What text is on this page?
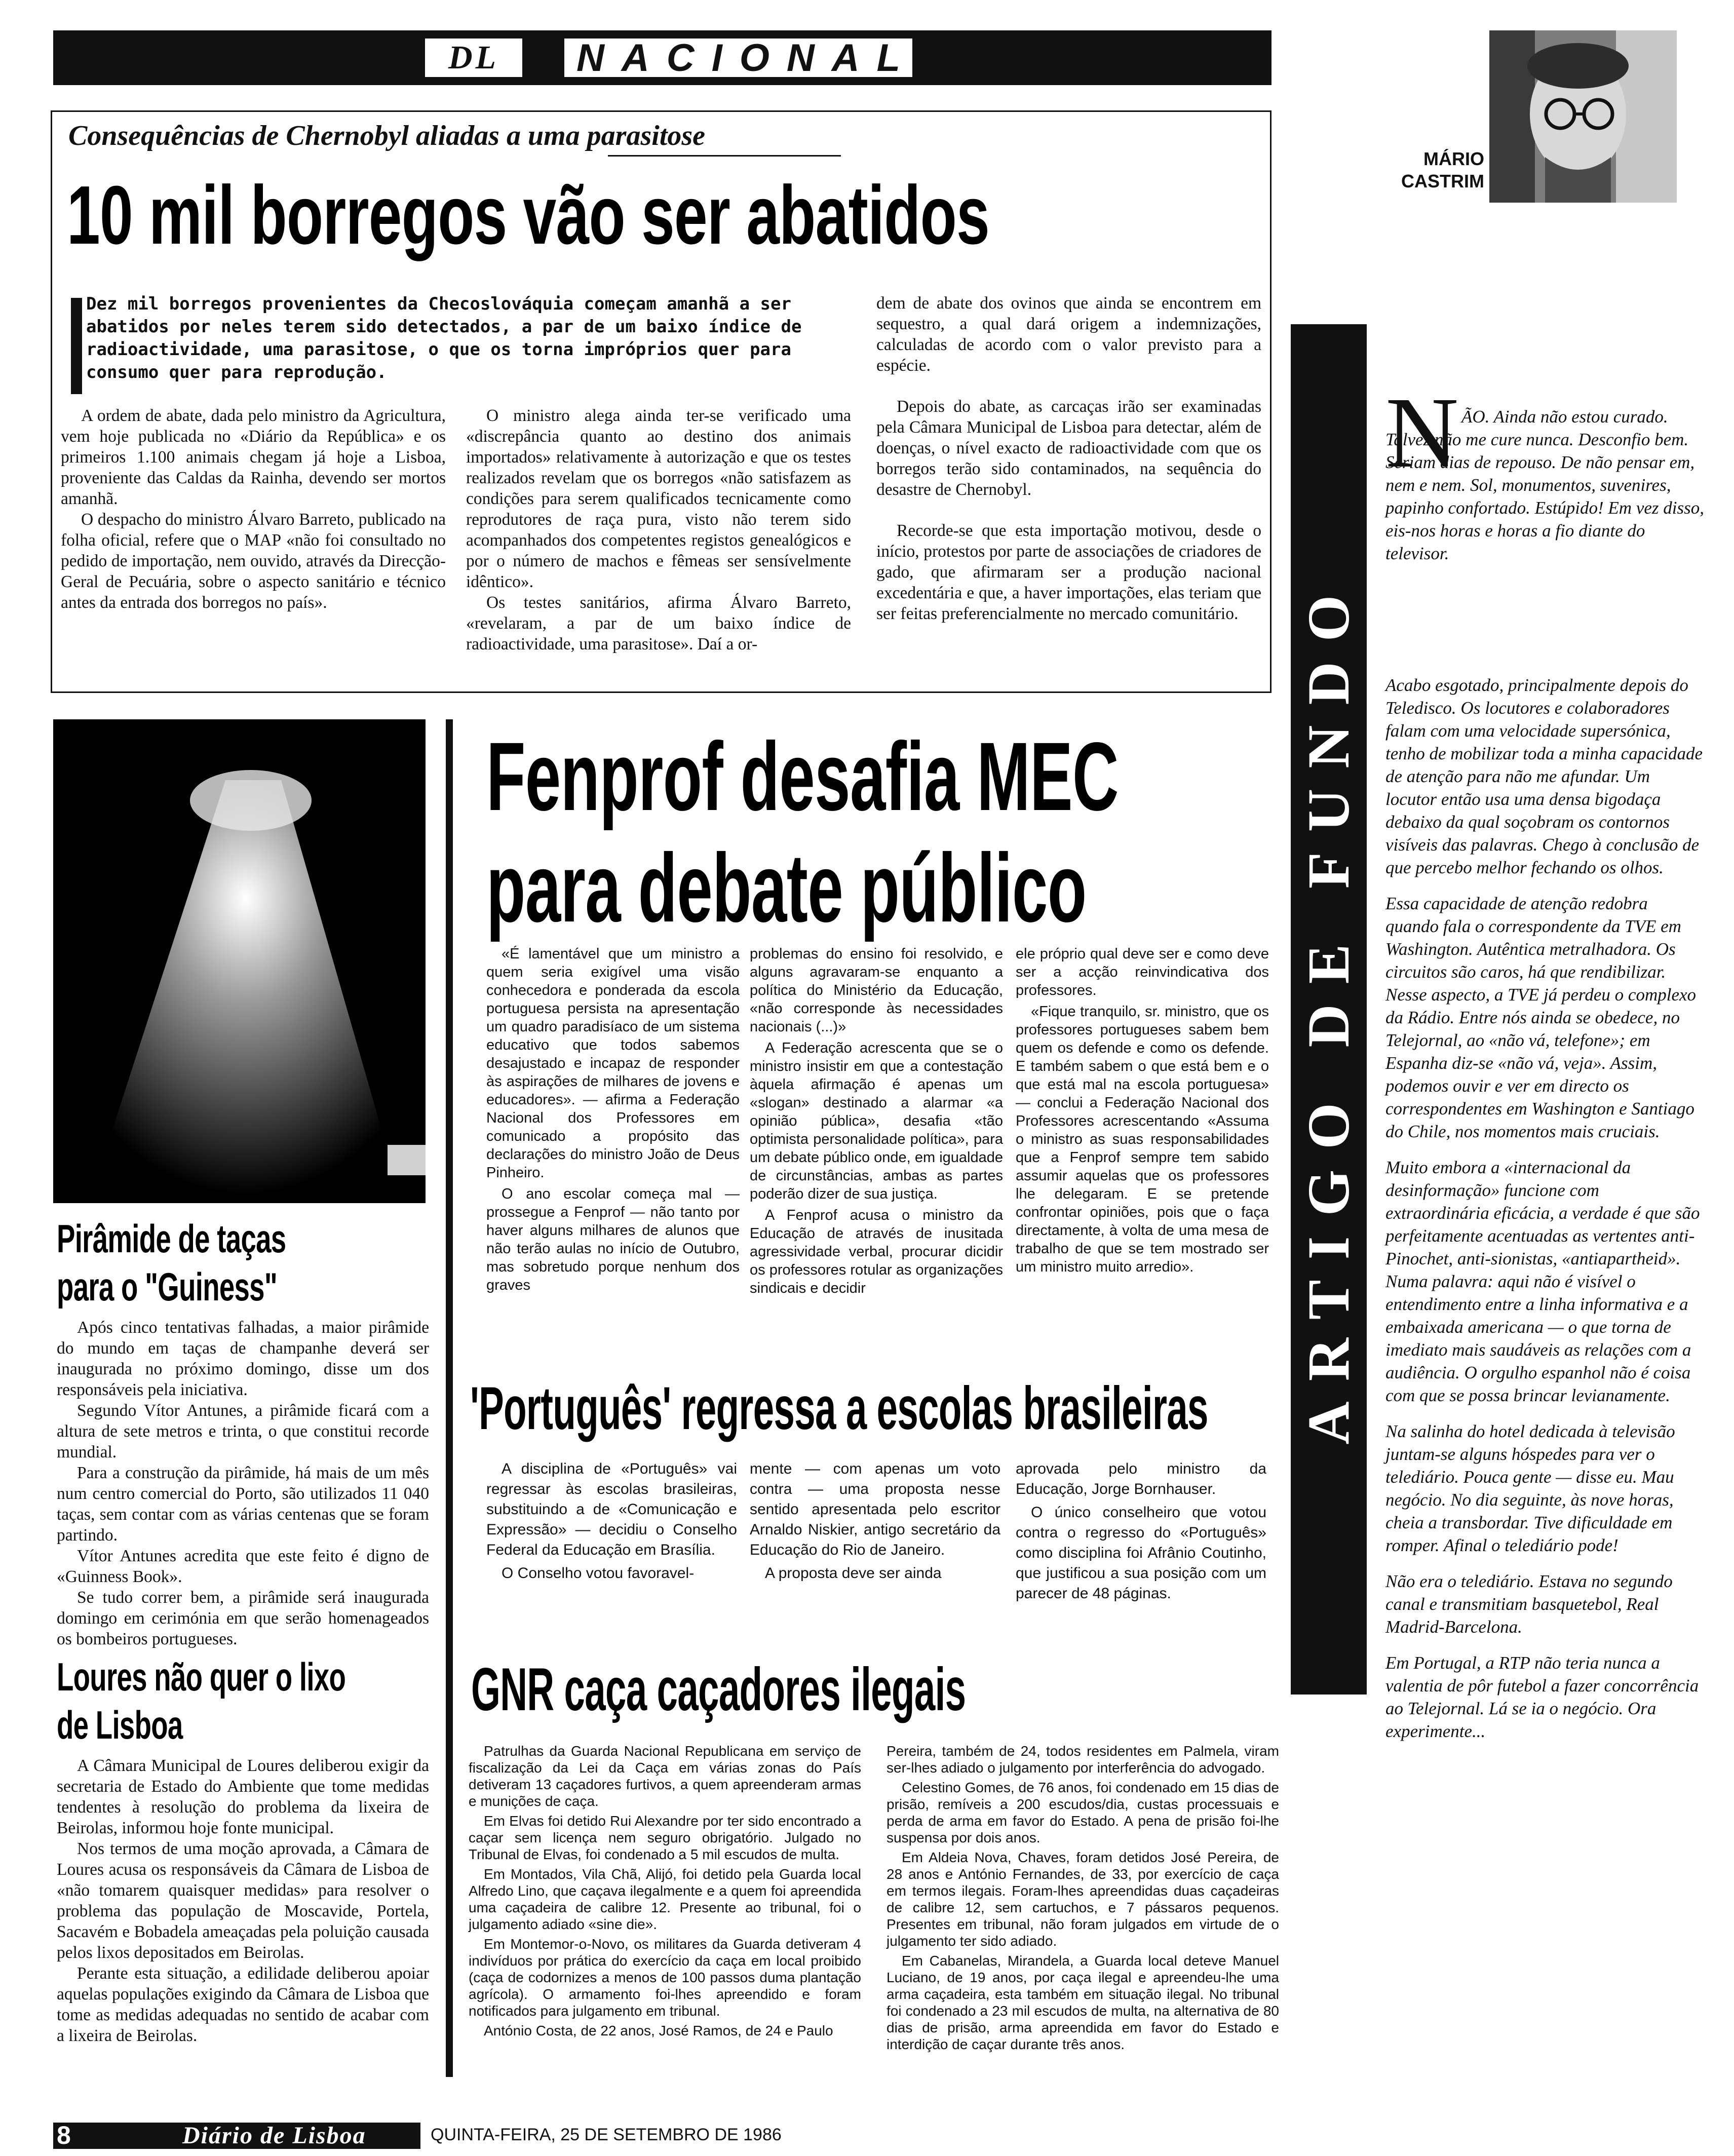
DL	NACIONAL
MÁRIO
CASTRIM
ARTIGO DE FUNDO
Consequências de Chernobyl aliadas a uma parasitose
10 mil borregos vão ser abatidos
Dez mil borregos provenientes da Checoslováquia começam amanhã a ser abatidos por neles terem sido detectados, a par de um baixo índice de radioactividade, uma parasitose, o que os torna impróprios quer para consumo quer para reprodução.
A ordem de abate, dada pelo ministro da Agricultura, vem hoje publicada no «Diário da República» e os primeiros 1.100 animais chegam já hoje a Lisboa, proveniente das Caldas da Rainha, devendo ser mortos amanhã.
O despacho do ministro Álvaro Barreto, publicado na folha oficial, refere que o MAP «não foi consultado no pedido de importação, nem ouvido, através da Direcção-Geral de Pecuária, sobre o aspecto sanitário e técnico antes da entrada dos borregos no país».
O ministro alega ainda ter-se verificado uma «discrepância quanto ao destino dos animais importados» relativamente à autorização e que os testes realizados revelam que os borregos «não satisfazem as condições para serem qualificados tecnicamente como reprodutores de raça pura, visto não terem sido acompanhados dos competentes registos genealógicos e por o número de machos e fêmeas ser sensívelmente idêntico».
Os testes sanitários, afirma Álvaro Barreto, «revelaram, a par de um baixo índice de radioactividade, uma parasitose». Daí a or-
dem de abate dos ovinos que ainda se encontrem em sequestro, a qual dará origem a indemnizações, calculadas de acordo com o valor previsto para a espécie.
Depois do abate, as carcaças irão ser examinadas pela Câmara Municipal de Lisboa para detectar, além de doenças, o nível exacto de radioactividade com que os borregos terão sido contaminados, na sequência do desastre de Chernobyl.
Recorde-se que esta importação motivou, desde o início, protestos por parte de associações de criadores de gado, que afirmaram ser a produção nacional excedentária e que, a haver importações, elas teriam que ser feitas preferencialmente no mercado comunitário.
Pirâmide de taças
para o "Guiness"
Após cinco tentativas falhadas, a maior pirâmide do mundo em taças de champanhe deverá ser inaugurada no próximo domingo, disse um dos responsáveis pela iniciativa.
Segundo Vítor Antunes, a pirâmide ficará com a altura de sete metros e trinta, o que constitui recorde mundial.
Para a construção da pirâmide, há mais de um mês num centro comercial do Porto, são utilizados 11 040 taças, sem contar com as várias centenas que se foram partindo.
Vítor Antunes acredita que este feito é digno de «Guinness Book».
Se tudo correr bem, a pirâmide será inaugurada domingo em cerimónia em que serão homenageados os bombeiros portugueses.
Loures não quer o lixo
de Lisboa
A Câmara Municipal de Loures deliberou exigir da secretaria de Estado do Ambiente que tome medidas tendentes à resolução do problema da lixeira de Beirolas, informou hoje fonte municipal.
Nos termos de uma moção aprovada, a Câmara de Loures acusa os responsáveis da Câmara de Lisboa de «não tomarem quaisquer medidas» para resolver o problema das população de Moscavide, Portela, Sacavém e Bobadela ameaçadas pela poluição causada pelos lixos depositados em Beirolas.
Perante esta situação, a edilidade deliberou apoiar aquelas populações exigindo da Câmara de Lisboa que tome as medidas adequadas no sentido de acabar com a lixeira de Beirolas.
Fenprof desafia MEC
para debate público
«É lamentável que um ministro a quem seria exigível uma visão conhecedora e ponderada da escola portuguesa persista na apresentação um quadro paradisíaco de um sistema educativo que todos sabemos desajustado e incapaz de responder às aspirações de milhares de jovens e educadores». — afirma a Federação Nacional dos Professores em comunicado a propósito das declarações do ministro João de Deus Pinheiro.
O ano escolar começa mal — prossegue a Fenprof — não tanto por haver alguns milhares de alunos que não terão aulas no início de Outubro, mas sobretudo porque nenhum dos graves
problemas do ensino foi resolvido, e alguns agravaram-se enquanto a política do Ministério da Educação, «não corresponde às necessidades nacionais (...)»
A Federação acrescenta que se o ministro insistir em que a contestação àquela afirmação é apenas um «slogan» destinado a alarmar «a opinião pública», desafia «tão optimista personalidade política», para um debate público onde, em igualdade de circunstâncias, ambas as partes poderão dizer de sua justiça.
A Fenprof acusa o ministro da Educação de através de inusitada agressividade verbal, procurar dicidir os professores rotular as organizações sindicais e decidir
ele próprio qual deve ser e como deve ser a acção reinvindicativa dos professores.
«Fique tranquilo, sr. ministro, que os professores portugueses sabem bem quem os defende e como os defende. E também sabem o que está bem e o que está mal na escola portuguesa» — conclui a Federação Nacional dos Professores acrescentando «Assuma o ministro as suas responsabilidades que a Fenprof sempre tem sabido assumir aquelas que os professores lhe delegaram. E se pretende confrontar opiniões, pois que o faça directamente, à volta de uma mesa de trabalho de que se tem mostrado ser um ministro muito arredio».
'Português' regressa a escolas brasileiras
A disciplina de «Português» vai regressar às escolas brasileiras, substituindo a de «Comunicação e Expressão» — decidiu o Conselho Federal da Educação em Brasília.
O Conselho votou favoravel-
mente — com apenas um voto contra — uma proposta nesse sentido apresentada pelo escritor Arnaldo Niskier, antigo secretário da Educação do Rio de Janeiro.
A proposta deve ser ainda
aprovada pelo ministro da Educação, Jorge Bornhauser.
O único conselheiro que votou contra o regresso do «Português» como disciplina foi Afrânio Coutinho, que justificou a sua posição com um parecer de 48 páginas.
GNR caça caçadores ilegais
Patrulhas da Guarda Nacional Republicana em serviço de fiscalização da Lei da Caça em várias zonas do País detiveram 13 caçadores furtivos, a quem apreenderam armas e munições de caça.
Em Elvas foi detido Rui Alexandre por ter sido encontrado a caçar sem licença nem seguro obrigatório. Julgado no Tribunal de Elvas, foi condenado a 5 mil escudos de multa.
Em Montados, Vila Chã, Alijó, foi detido pela Guarda local Alfredo Lino, que caçava ilegalmente e a quem foi apreendida uma caçadeira de calibre 12. Presente ao tribunal, foi o julgamento adiado «sine die».
Em Montemor-o-Novo, os militares da Guarda detiveram 4 indivíduos por prática do exercício da caça em local proibido (caça de codornizes a menos de 100 passos duma plantação agrícola). O armamento foi-lhes apreendido e foram notificados para julgamento em tribunal.
António Costa, de 22 anos, José Ramos, de 24 e Paulo
Pereira, também de 24, todos residentes em Palmela, viram ser-lhes adiado o julgamento por interferência do advogado.
Celestino Gomes, de 76 anos, foi condenado em 15 dias de prisão, remíveis a 200 escudos/dia, custas processuais e perda de arma em favor do Estado. A pena de prisão foi-lhe suspensa por dois anos.
Em Aldeia Nova, Chaves, foram detidos José Pereira, de 28 anos e António Fernandes, de 33, por exercício de caça em termos ilegais. Foram-lhes apreendidas duas caçadeiras de calibre 12, sem cartuchos, e 7 pássaros pequenos. Presentes em tribunal, não foram julgados em virtude de o julgamento ter sido adiado.
Em Cabanelas, Mirandela, a Guarda local deteve Manuel Luciano, de 19 anos, por caça ilegal e apreendeu-lhe uma arma caçadeira, esta também em situação ilegal. No tribunal foi condenado a 23 mil escudos de multa, na alternativa de 80 dias de prisão, arma apreendida em favor do Estado e interdição de caçar durante três anos.
N ÃO. Ainda não estou curado. Talvez não me cure nunca. Desconfio bem. Seriam dias de repouso. De não pensar em, nem e nem. Sol, monumentos, suvenires, papinho confortado. Estúpido! Em vez disso, eis-nos horas e horas a fio diante do televisor.
Acabo esgotado, principalmente depois do Teledisco. Os locutores e colaboradores falam com uma velocidade supersónica, tenho de mobilizar toda a minha capacidade de atenção para não me afundar. Um locutor então usa uma densa bigodaça debaixo da qual soçobram os contornos visíveis das palavras. Chego à conclusão de que percebo melhor fechando os olhos.
Essa capacidade de atenção redobra quando fala o correspondente da TVE em Washington. Autêntica metralhadora. Os circuitos são caros, há que rendibilizar. Nesse aspecto, a TVE já perdeu o complexo da Rádio. Entre nós ainda se obedece, no Telejornal, ao «não vá, telefone»; em Espanha diz-se «não vá, veja». Assim, podemos ouvir e ver em directo os correspondentes em Washington e Santiago do Chile, nos momentos mais cruciais.
Muito embora a «internacional da desinformação» funcione com extraordinária eficácia, a verdade é que são perfeitamente acentuadas as vertentes anti-Pinochet, anti-sionistas, «antiapartheid». Numa palavra: aqui não é visível o entendimento entre a linha informativa e a embaixada americana — o que torna de imediato mais saudáveis as relações com a audiência. O orgulho espanhol não é coisa com que se possa brincar levianamente.
Na salinha do hotel dedicada à televisão juntam-se alguns hóspedes para ver o telediário. Pouca gente — disse eu. Mau negócio. No dia seguinte, às nove horas, cheia a transbordar. Tive dificuldade em romper. Afinal o telediário pode!
Não era o telediário. Estava no segundo canal e transmitiam basquetebol, Real Madrid-Barcelona.
Em Portugal, a RTP não teria nunca a valentia de pôr futebol a fazer concorrência ao Telejornal. Lá se ia o negócio. Ora experimente...
8	Diário de Lisboa	QUINTA-FEIRA, 25 DE SETEMBRO DE 1986
